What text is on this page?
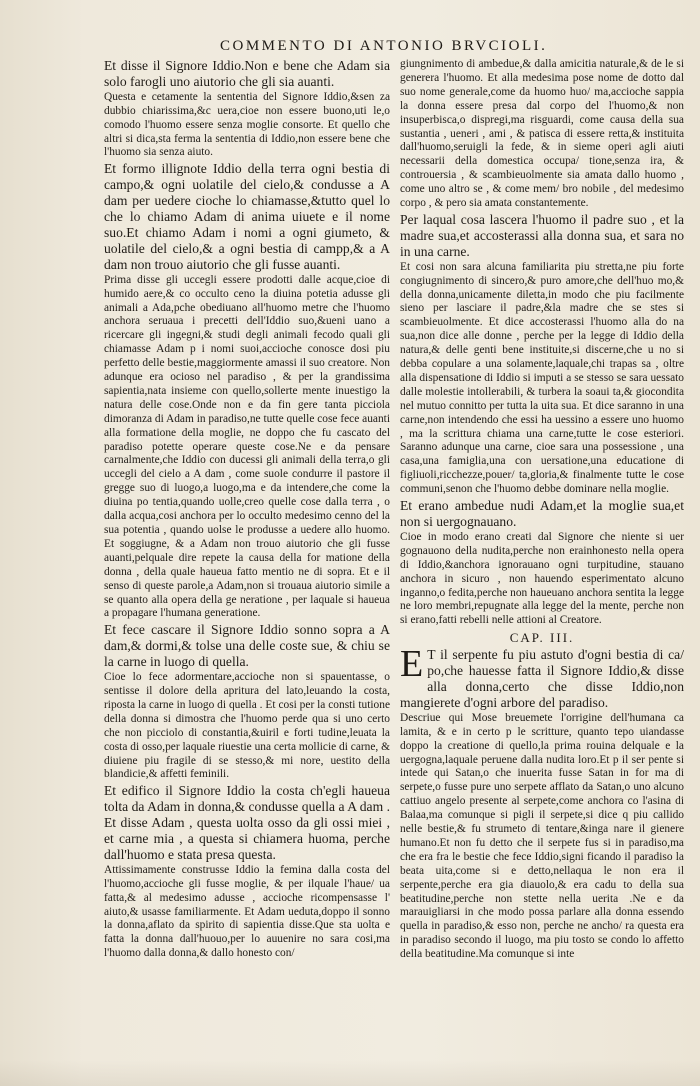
COMMENTO DI ANTONIO BRVCIOLI.

Et disse il Signore Iddio.Non e bene che Adam sia solo farogli uno aiutorio che gli sia auanti.

Questa e cetamente la sententia del Signore Iddio,&sen za dubbio chiarissima,&c uera,cioe non essere buono,uti le,o comodo l'huomo essere senza moglie consorte. Et quello che altri si dica,sta ferma la sententia di Iddio,non essere bene che l'huomo sia senza aiuto.

Et formo illignote Iddio della terra ogni bestia di campo,& ogni uolatile del cielo,& condusse a A dam per uedere cioche lo chiamasse,&tutto quel lo che lo chiamo Adam di anima uiuete e il nome suo.Et chiamo Adam i nomi a ogni giumeto, & uolatile del cielo,& a ogni bestia di campp,& a A dam non trouo aiutorio che gli fusse auanti.

Prima disse gli uccegli essere prodotti dalle acque,cioe di humido aere,& co occulto ceno la diuina potetia adusse gli animali a Ada,pche obediuano all'huomo metre che l'huomo anchora seruaua i precetti dell'Iddio suo,&ueni uano a ricercare gli ingegni,& studi degli animali fecodo quali gli chiamasse Adam p i nomi suoi,accioche conosce dosi piu perfetto delle bestie,maggiormente amassi il suo creatore. Non adunque era ocioso nel paradiso , & per la grandissima sapientia,nata insieme con quello,sollerte mente inuestigo la natura delle cose.Onde non e da fin gere tanta picciola dimoranza di Adam in paradiso,ne tutte quelle cose fece auanti alla formatione della moglie, ne doppo che fu cascato del paradiso potette operare queste cose.Ne e da pensare carnalmente,che Iddio con ducessi gli animali della terra,o gli uccegli del cielo a A dam , come suole condurre il pastore il gregge suo di luogo,a luogo,ma e da intendere,che come la diuina po tentia,quando uolle,creo quelle cose dalla terra , o dalla acqua,cosi anchora per lo occulto medesimo cenno del la sua potentia , quando uolse le produsse a uedere allo huomo. Et soggiugne, & a Adam non trouo aiutorio che gli fusse auanti,pelquale dire repete la causa della for matione della donna , della quale haueua fatto mentio ne di sopra. Et e il senso di queste parole,a Adam,non si trouaua aiutorio simile a se quanto alla opera della ge neratione , per laquale si haueua a propagare l'humana generatione.

Et fece cascare il Signore Iddio sonno sopra a A dam,& dormi,& tolse una delle coste sue, & chiu se la carne in luogo di quella.

Cioe lo fece adormentare,accioche non si spauentasse, o sentisse il dolore della apritura del lato,leuando la costa, riposta la carne in luogo di quella . Et cosi per la consti tutione della donna si dimostra che l'huomo perde qua si uno certo che non picciolo di constantia,&uiril e forti tudine,leuata la costa di osso,per laquale riuestie una certa mollicie di carne, & diuiene piu fragile di se stesso,& mi nore, uestito della blandicie,& affetti feminili.

Et edifico il Signore Iddio la costa ch'egli haueua tolta da Adam in donna,& condusse quella a A dam . Et disse Adam , questa uolta osso da gli ossi miei , et carne mia , a questa si chiamera huoma, perche dall'huomo e stata presa questa.

Attissimamente construsse Iddio la femina dalla costa del l'huomo,accioche gli fusse moglie, & per ilquale l'haue/ ua fatta,& al medesimo adusse , accioche ricompensasse l' aiuto,& usasse familiarmente. Et Adam ueduta,doppo il sonno la donna,aflato da spirito di sapientia disse.Que sta uolta e fatta la donna dall'huouo,per lo auuenire no sara cosi,ma l'huomo dalla donna,& dallo honesto con/

giungnimento di ambedue,& dalla amicitia naturale,& de le si generera l'huomo. Et alla medesima pose nome de dotto dal suo nome generale,come da huomo huo/ ma,accioche sappia la donna essere presa dal corpo del l'huomo,& non insuperbisca,o dispregi,ma risguardi, come causa della sua sustantia , ueneri , ami , & patisca di essere retta,& instituita dall'huomo,seruigli la fede, & in sieme operi agli aiuti necessarii della domestica occupa/ tione,senza ira, & controuersia , & scambieuolmente sia amata dallo huomo , come uno altro se , & come mem/ bro nobile , del medesimo corpo , & pero sia amata constantemente.

Per laqual cosa lascera l'huomo il padre suo , et la madre sua,et accosterassi alla donna sua, et sara no in una carne.

Et cosi non sara alcuna familiarita piu stretta,ne piu forte congiugnimento di sincero,& puro amore,che dell'huo mo,& della donna,unicamente diletta,in modo che piu facilmente sieno per lasciare il padre,&la madre che se stes si scambieuolmente. Et dice accosterassi l'huomo alla do na sua,non dice alle donne , perche per la legge di Iddio della natura,& delle genti bene instituite,si discerne,che u no si debba copulare a una solamente,laquale,chi trapas sa , oltre alla dispensatione di Iddio si imputi a se stesso se sara uessato dalle molestie intollerabili, & turbera la soaui ta,& giocondita nel mutuo connitto per tutta la uita sua. Et dice saranno in una carne,non intendendo che essi ha uessino a essere uno huomo , ma la scrittura chiama una carne,tutte le cose esteriori. Saranno adunque una carne, cioe sara una possessione , una casa,una famiglia,una con uersatione,una educatione di figliuoli,ricchezze,pouer/ ta,gloria,& finalmente tutte le cose communi,senon che l'huomo debbe dominare nella moglie.

Et erano ambedue nudi Adam,et la moglie sua,et non si uergognauano.

Cioe in modo erano creati dal Signore che niente si uer gognauono della nudita,perche non erainhonesto nella opera di Iddio,&anchora ignorauano ogni turpitudine, stauano anchora in sicuro , non hauendo esperimentato alcuno inganno,o fedita,perche non haueuano anchora sentita la legge ne loro membri,repugnate alla legge del la mente, perche non si erano,fatti rebelli nelle attioni al Creatore.

CAP. III.

E T il serpente fu piu astuto d'ogni bestia di ca/ po,che hauesse fatta il Signore Iddio,& disse alla donna,certo che disse Iddio,non mangierete d'ogni arbore del paradiso.

Descriue qui Mose breuemete l'orrigine dell'humana ca lamita, & e in certo p le scritture, quanto tepo uiandasse doppo la creatione di quello,la prima rouina delquale e la uergogna,laquale peruene dalla nudita loro.Et p il ser pente si intede qui Satan,o che inuerita fusse Satan in for ma di serpete,o fusse pure uno serpete afflato da Satan,o uno alcuno cattiuo angelo presente al serpete,come anchora co l'asina di Balaa,ma comunque si pigli il serpete,si dice q piu callido nelle bestie,& fu strumeto di tentare,&inga nare il gienere humano.Et non fu detto che il serpete fus si in paradiso,ma che era fra le bestie che fece Iddio,signi ficando il paradiso la beata uita,come si e detto,nellaqua le non era il serpente,perche era gia diauolo,& era cadu to della sua beatitudine,perche non stette nella uerita .Ne e da marauigliarsi in che modo possa parlare alla donna essendo quella in paradiso,& esso non, perche ne ancho/ ra questa era in paradiso secondo il luogo, ma piu tosto se condo lo affetto della beatitudine.Ma comunque si inte
